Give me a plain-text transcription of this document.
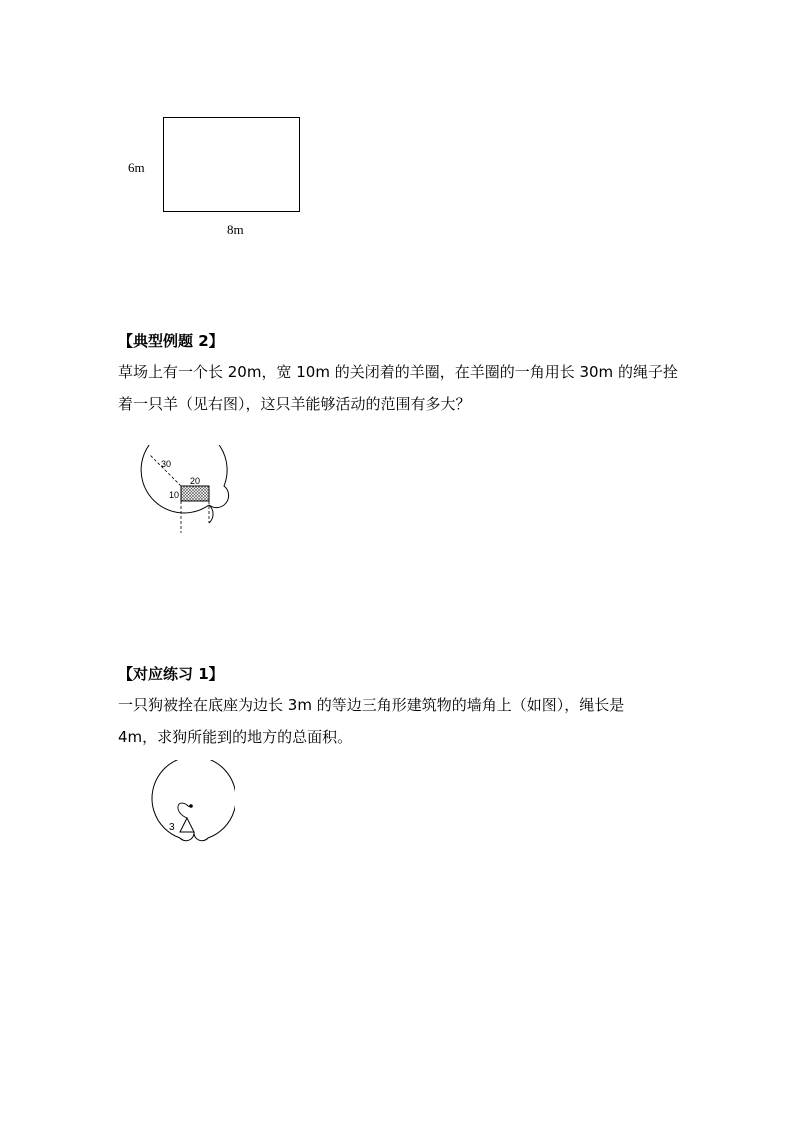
6m
8m
【典型例题 2】
草场上有一个长 20m，宽 10m 的关闭着的羊圈，在羊圈的一角用长 30m 的绳子拴
着一只羊（见右图），这只羊能够活动的范围有多大？
30
20
10
【对应练习 1】
一只狗被拴在底座为边长 3m 的等边三角形建筑物的墙角上（如图），绳长是
4m，求狗所能到的地方的总面积。
3
